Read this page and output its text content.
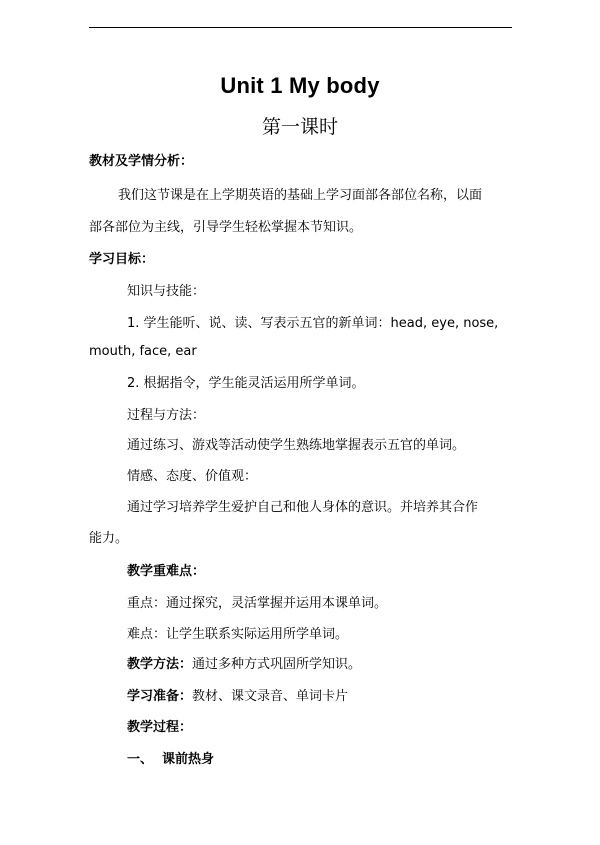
Unit 1 My body
第一课时
教材及学情分析：
我们这节课是在上学期英语的基础上学习面部各部位名称，以面
部各部位为主线，引导学生轻松掌握本节知识。
学习目标：
知识与技能：
1. 学生能听、说、读、写表示五官的新单词：head, eye, nose,
mouth, face, ear
2. 根据指令，学生能灵活运用所学单词。
过程与方法：
通过练习、游戏等活动使学生熟练地掌握表示五官的单词。
情感、态度、价值观：
通过学习培养学生爱护自己和他人身体的意识。并培养其合作
能力。
教学重难点：
重点：通过探究，灵活掌握并运用本课单词。
难点：让学生联系实际运用所学单词。
教学方法：通过多种方式巩固所学知识。
学习准备：教材、课文录音、单词卡片
教学过程：
一、  课前热身
